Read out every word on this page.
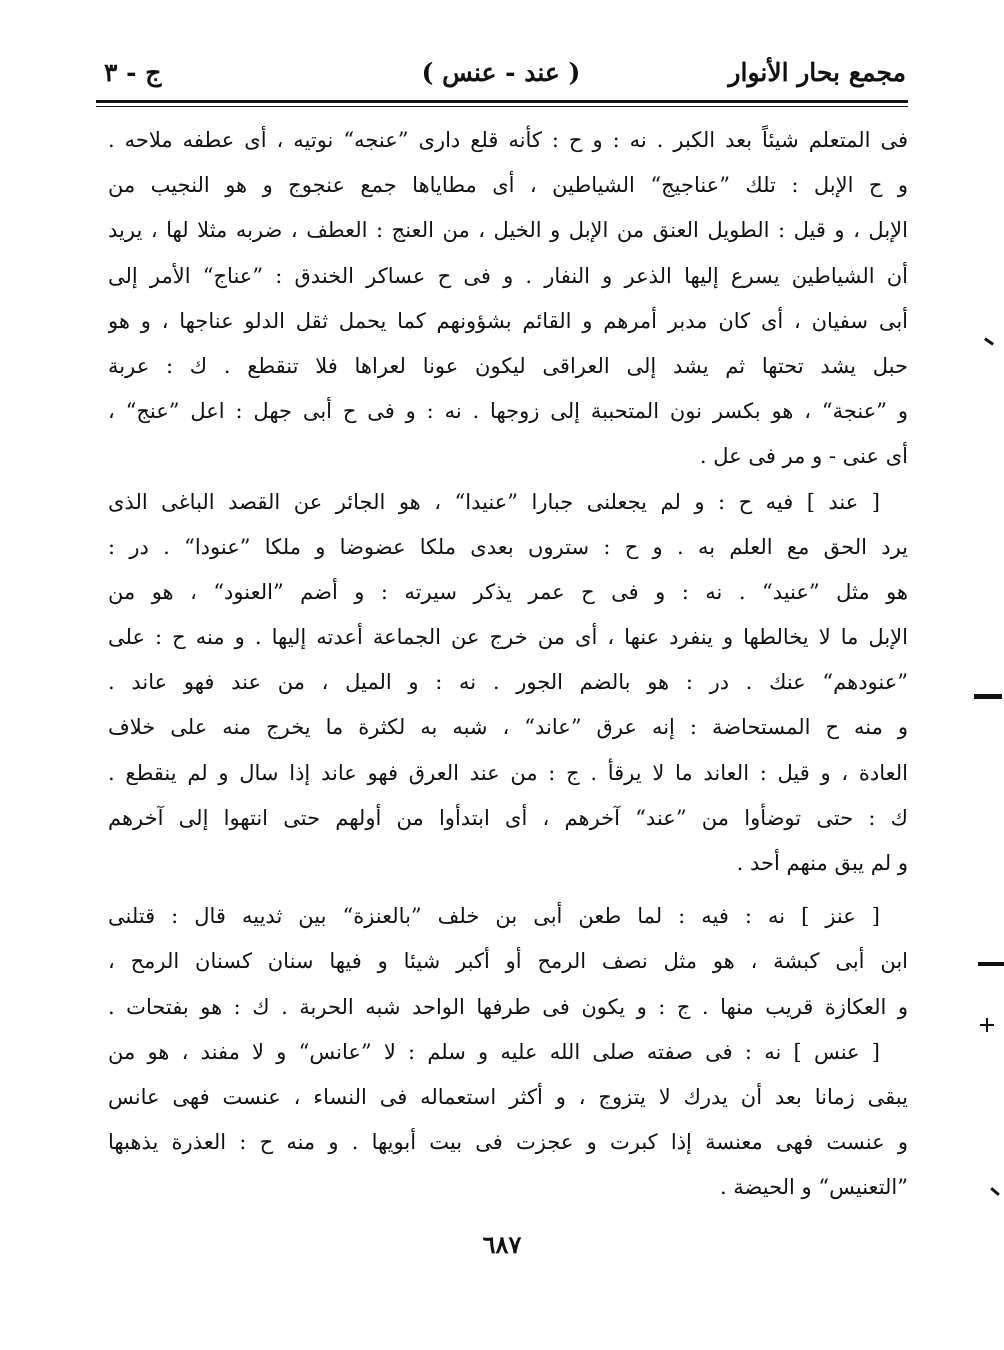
مجمع بحار الأنوار
( عند - عنس )
ج - ٣
فى المتعلم شيئاً بعد الكبر . نه : و ح : كأنه قلع دارى ”عنجه“ نوتيه ، أى عطفه ملاحه .
و ح الإبل : تلك ”عناجيج“ الشياطين ، أى مطاياها جمع عنجوج و هو النجيب من
الإبل ، و قيل : الطويل العنق من الإبل و الخيل ، من العنج : العطف ، ضربه مثلا لها ، يريد
أن الشياطين يسرع إليها الذعر و النفار . و فى ح عساكر الخندق : ”عناج“ الأمر إلى
أبى سفيان ، أى كان مدبر أمرهم و القائم بشؤونهم كما يحمل ثقل الدلو عناجها ، و هو
حبل يشد تحتها ثم يشد إلى العراقى ليكون عونا لعراها فلا تنقطع . ك : عربة
و ”عنجة“ ، هو بكسر نون المتحببة إلى زوجها . نه : و فى ح أبى جهل : اعل ”عنج“ ،
أى عنى - و مر فى عل .
[ عند ] فيه ح : و لم يجعلنى جبارا ”عنيدا“ ، هو الجائر عن القصد الباغى الذى
يرد الحق مع العلم به . و ح : ستروں بعدى ملكا عضوضا و ملكا ”عنودا“ . در :
هو مثل ”عنيد“ . نه : و فى ح عمر يذكر سيرته : و أضم ”العنود“ ، هو من
الإبل ما لا يخالطها و ينفرد عنها ، أى من خرج عن الجماعة أعدته إليها . و منه ح : على
”عنودهم“ عنك . در : هو بالضم الجور . نه : و الميل ، من عند فهو عاند .
و منه ح المستحاضة : إنه عرق ”عاند“ ، شبه به لكثرة ما يخرج منه على خلاف
العادة ، و قيل : العاند ما لا يرقأ . ج : من عند العرق فهو عاند إذا سال و لم ينقطع .
ك : حتى توضأوا من ”عند“ آخرهم ، أى ابتدأوا من أولهم حتى انتهوا إلى آخرهم
و لم يبق منهم أحد .
[ عنز ] نه : فيه : لما طعن أبى بن خلف ”بالعنزة“ بين ثدييه قال : قتلنى
ابن أبى كبشة ، هو مثل نصف الرمح أو أكبر شيئا و فيها سنان كسنان الرمح ،
و العكازة قريب منها . ج : و يكون فى طرفها الواحد شبه الحربة . ك : هو بفتحات .
[ عنس ] نه : فى صفته صلى الله عليه و سلم : لا ”عانس“ و لا مفند ، هو من
يبقى زمانا بعد أن يدرك لا يتزوج ، و أكثر استعماله فى النساء ، عنست فهى عانس
و عنست فهى معنسة إذا كبرت و عجزت فى بيت أبويها . و منه ح : العذرة يذهبها
”التعنيس“ و الحيضة .
٦٨٧
